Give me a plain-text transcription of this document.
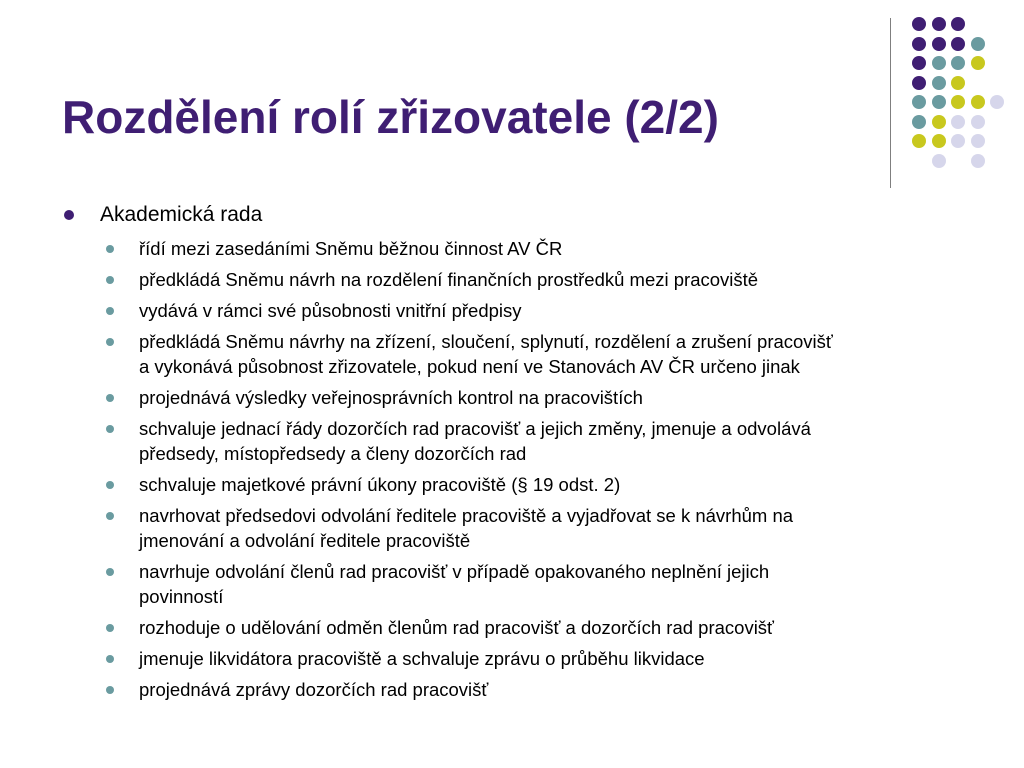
Rozdělení rolí zřizovatele (2/2)
Akademická rada
řídí mezi zasedáními Sněmu běžnou činnost AV ČR
předkládá Sněmu návrh na rozdělení finančních prostředků mezi pracoviště
vydává v rámci své působnosti vnitřní předpisy
předkládá Sněmu návrhy na zřízení, sloučení, splynutí, rozdělení a zrušení pracovišť
a vykonává působnost zřizovatele, pokud není ve Stanovách AV ČR určeno jinak
projednává výsledky veřejnosprávních kontrol na pracovištích
schvaluje jednací řády dozorčích rad pracovišť a jejich změny, jmenuje a odvolává
předsedy, místopředsedy a členy dozorčích rad
schvaluje majetkové právní úkony pracoviště (§ 19 odst. 2)
navrhovat předsedovi odvolání ředitele pracoviště a vyjadřovat se k návrhům na
jmenování a odvolání ředitele pracoviště
navrhuje odvolání členů rad pracovišť v případě opakovaného neplnění jejich
povinností
rozhoduje o udělování odměn členům rad pracovišť a dozorčích rad pracovišť
jmenuje likvidátora pracoviště a schvaluje zprávu o průběhu likvidace
projednává zprávy dozorčích rad pracovišť
